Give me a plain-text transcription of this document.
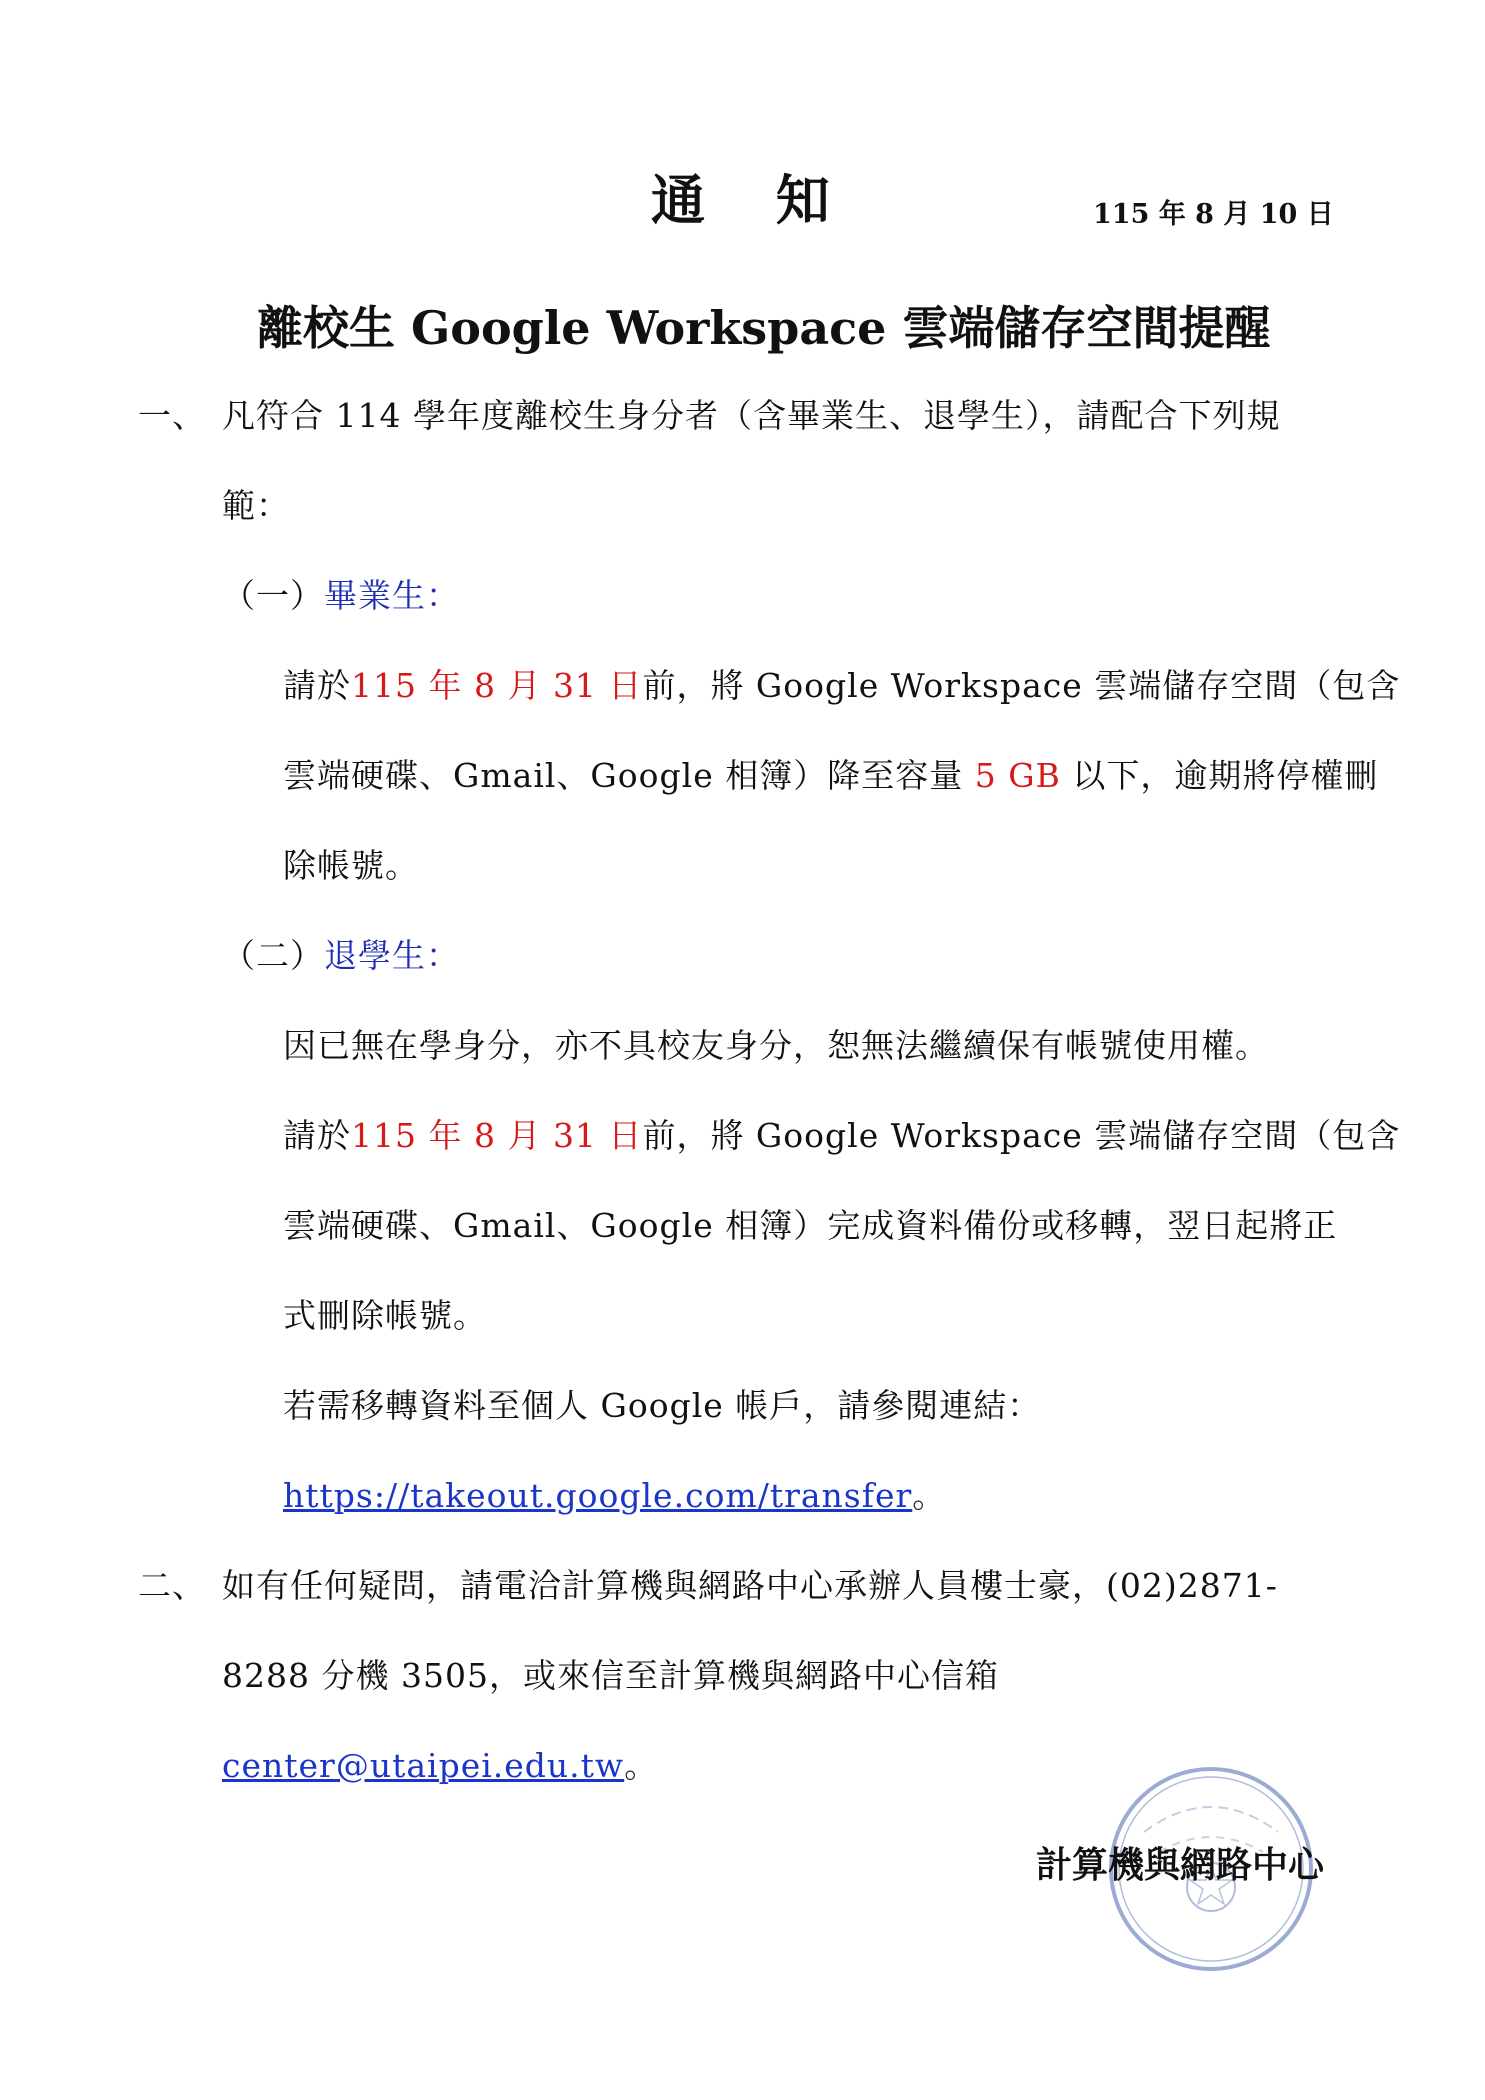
通 知	115 年 8 月 10 日
離校生 Google Workspace 雲端儲存空間提醒
一、 凡符合 114 學年度離校生身分者（含畢業生、退學生），請配合下列規
範：
（一）畢業生：
請於115 年 8 月 31 日前，將 Google Workspace 雲端儲存空間（包含
雲端硬碟、Gmail、Google 相簿）降至容量 5 GB 以下，逾期將停權刪
除帳號。
（二）退學生：
因已無在學身分，亦不具校友身分，恕無法繼續保有帳號使用權。
請於115 年 8 月 31 日前，將 Google Workspace 雲端儲存空間（包含
雲端硬碟、Gmail、Google 相簿）完成資料備份或移轉，翌日起將正
式刪除帳號。
若需移轉資料至個人 Google 帳戶，請參閱連結：
https://takeout.google.com/transfer。
二、 如有任何疑問，請電洽計算機與網路中心承辦人員樓士豪，(02)2871-
8288 分機 3505，或來信至計算機與網路中心信箱
center@utaipei.edu.tw。
計算機與網路中心
